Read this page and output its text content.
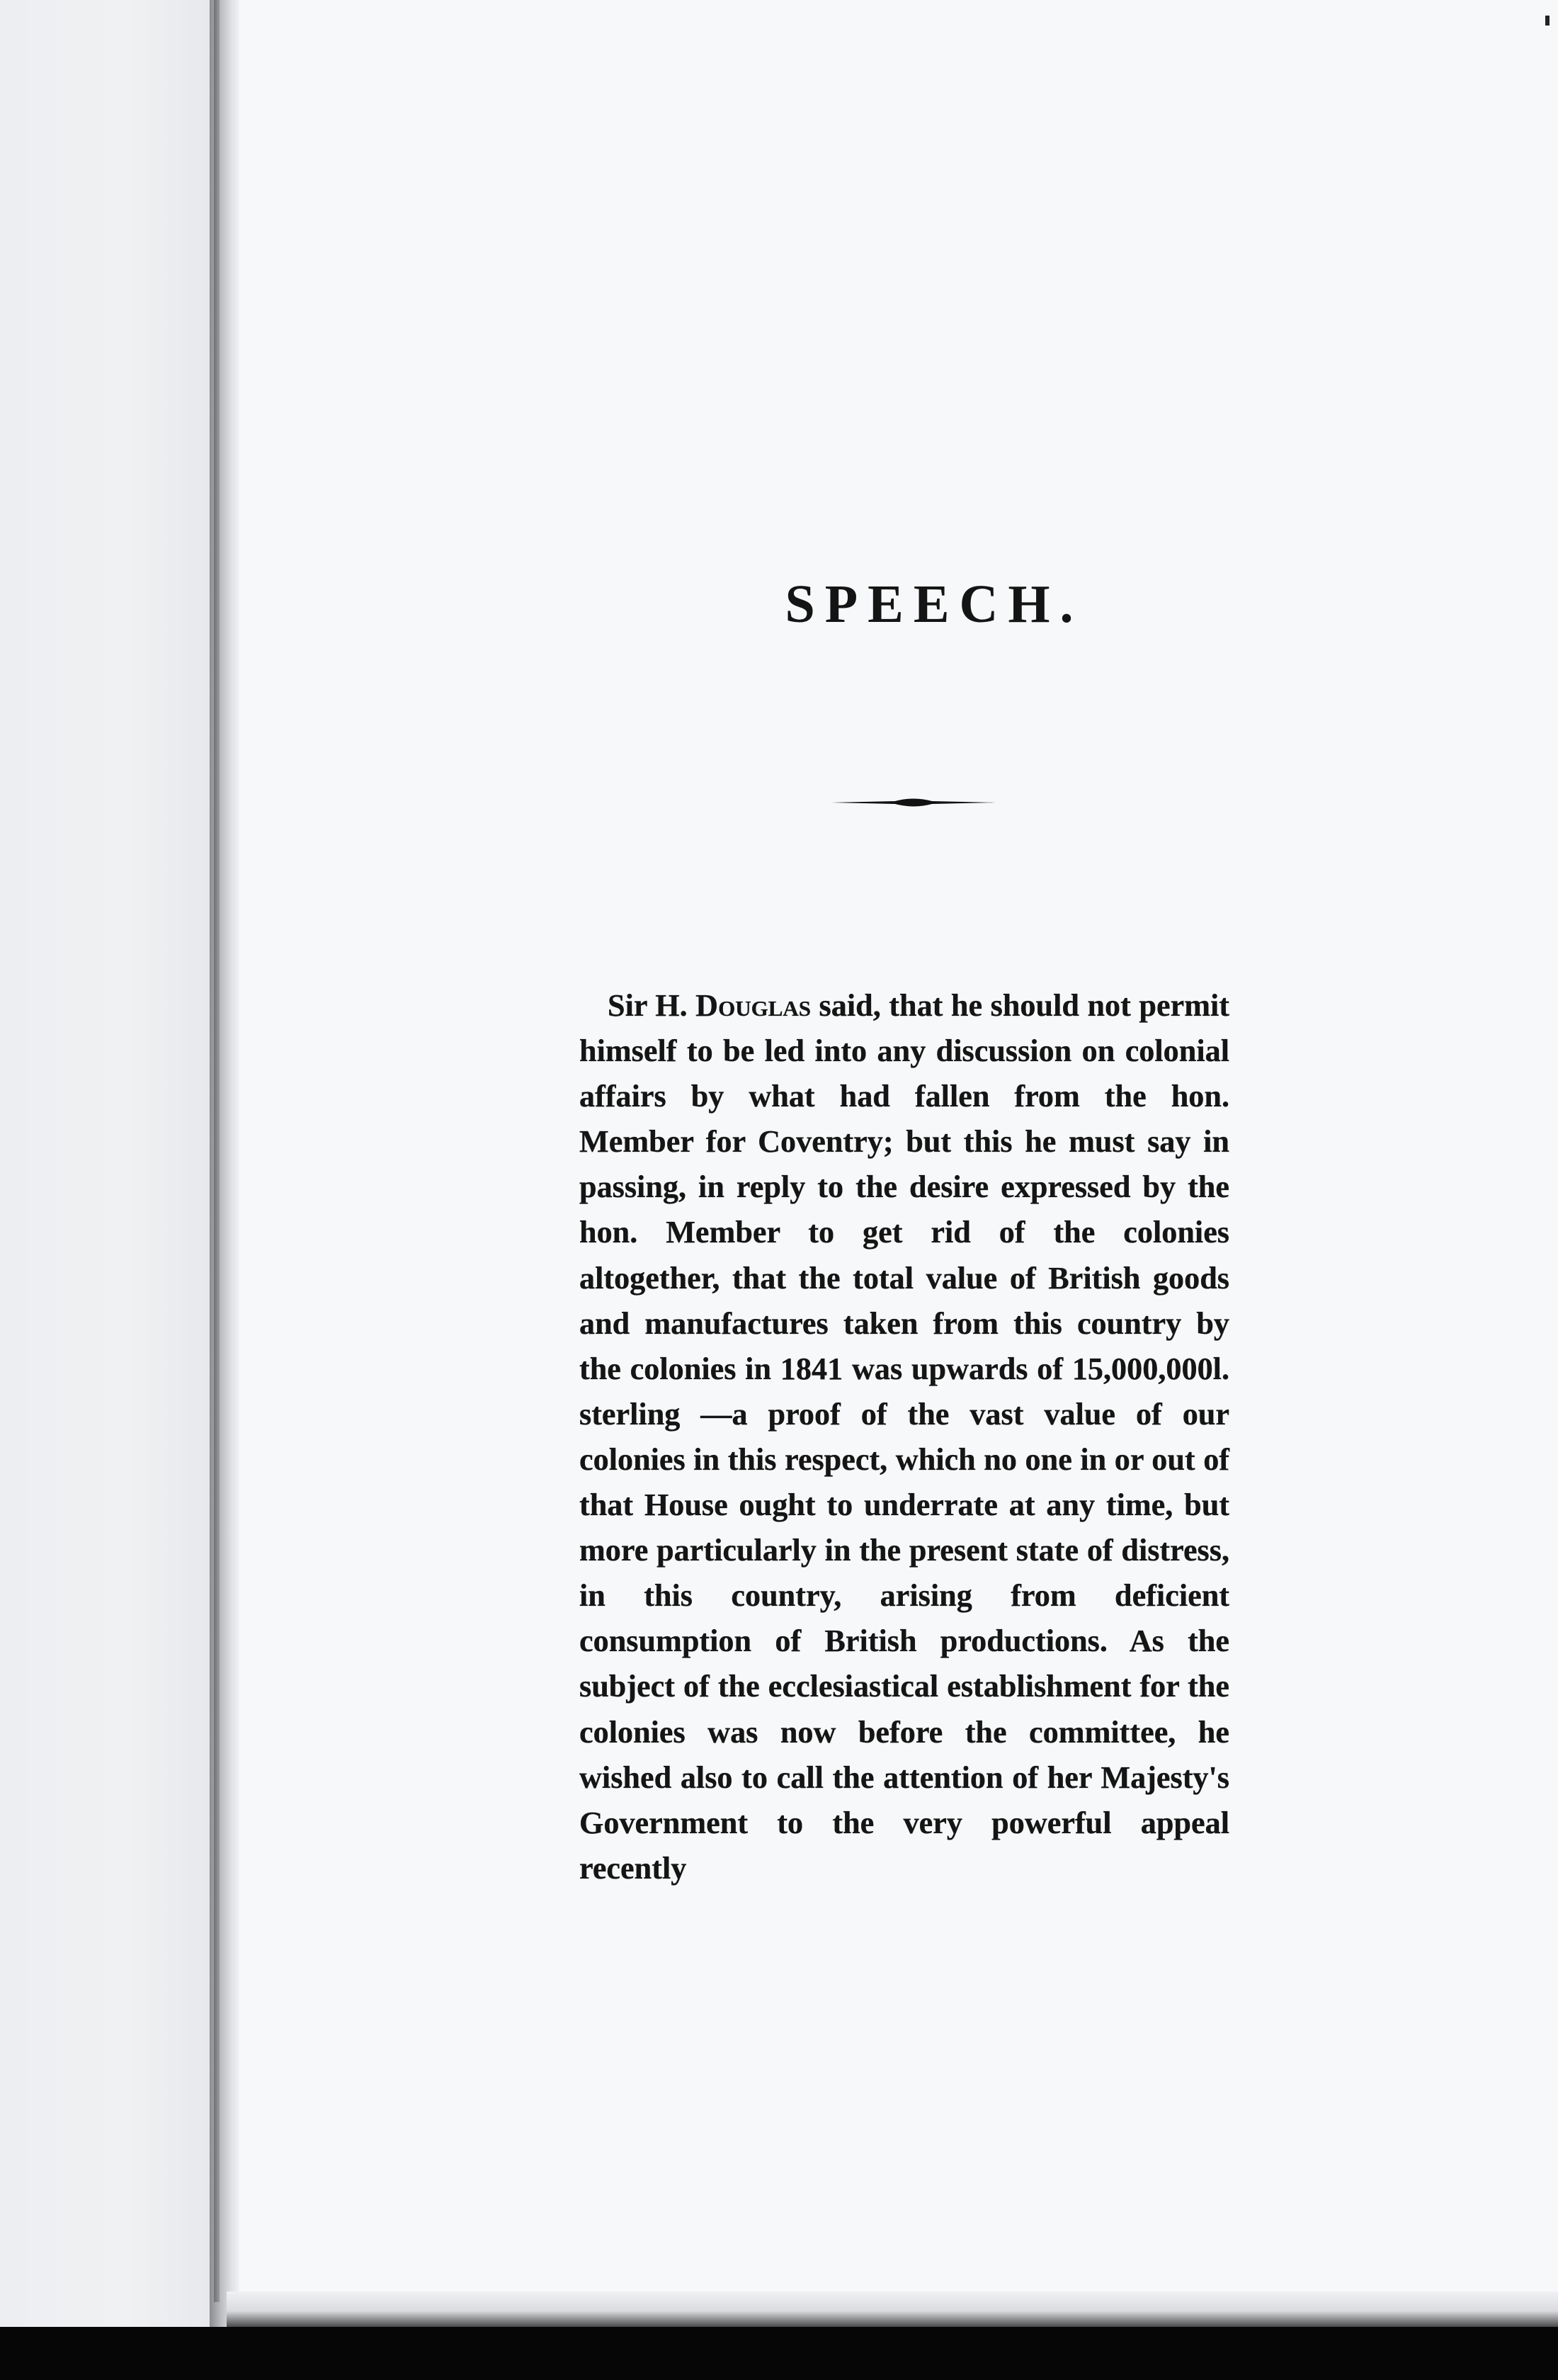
SPEECH.

Sir H. Douglas said, that he should not permit himself to be led into any discussion on colonial affairs by what had fallen from the hon. Member for Coventry; but this he must say in passing, in reply to the desire expressed by the hon. Member to get rid of the colonies altogether, that the total value of British goods and manufactures taken from this country by the colonies in 1841 was upwards of 15,000,000l. sterling —a proof of the vast value of our colonies in this respect, which no one in or out of that House ought to underrate at any time, but more particularly in the present state of distress, in this country, arising from deficient consumption of British productions. As the subject of the ecclesiastical establishment for the colonies was now before the committee, he wished also to call the attention of her Majesty's Government to the very powerful appeal recently
